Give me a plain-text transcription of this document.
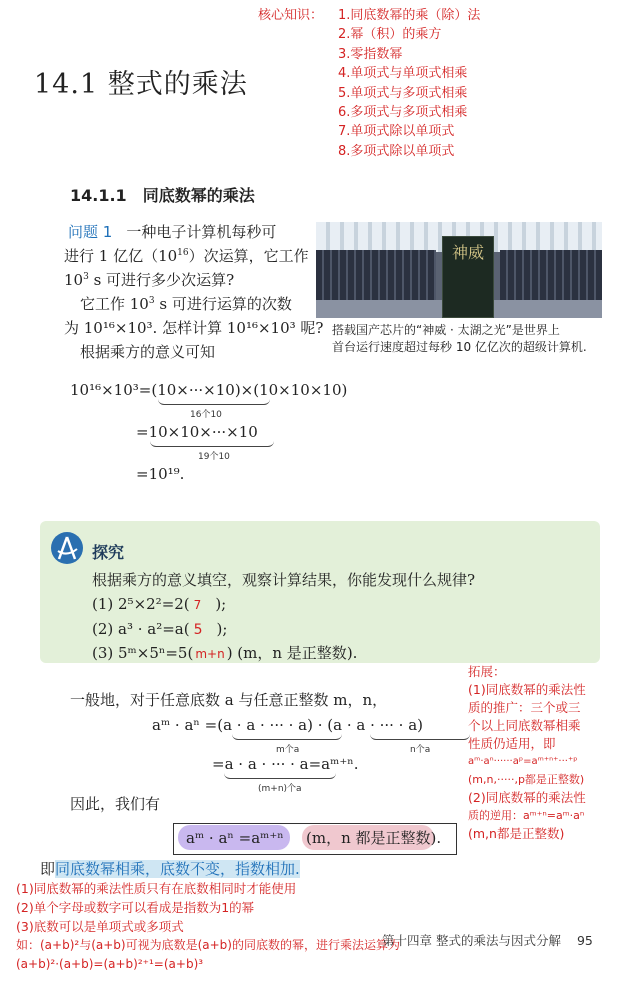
核心知识： 1.同底数幂的乘（除）法
2.幂（积）的乘方
3.零指数幂
4.单项式与单项式相乘
5.单项式与多项式相乘
6.多项式与多项式相乘
7.单项式除以单项式
8.多项式除以单项式
14.1 整式的乘法
14.1.1 同底数幂的乘法
问题 1 一种电子计算机每秒可
进行 1 亿亿$(10^{16})$次运算，它工作
$10^3$ s 可进行多少次运算?
它工作 $10^3$ s 可进行运算的次数
为 10¹⁶×10³. 怎样计算 10¹⁶×10³ 呢?
根据乘方的意义可知
神威
搭载国产芯片的“神威 · 太湖之光”是世界上
首台运行速度超过每秒 10 亿亿次的超级计算机.
10¹⁶×10³=(10×···×10)×(10×10×10)
16个10
=10×10×···×10
19个10
=10¹⁹.
探究
根据乘方的意义填空，观察计算结果，你能发现什么规律?
(1) 2⁵×2²=2( 7 );
(2) a³ · a²=a( 5 );
(3) 5ᵐ×5ⁿ=5( m+n ) (m，n 是正整数).
一般地，对于任意底数 a 与任意正整数 m，n，
aᵐ · aⁿ =(a · a · ··· · a) · (a · a · ··· · a)
m个a	n个a
=a · a · ··· · a=aᵐ⁺ⁿ.
(m+n)个a
因此，我们有
aᵐ · aⁿ =aᵐ⁺ⁿ (m，n 都是正整数).
拓展：
(1)同底数幂的乘法性
质的推广：三个或三
个以上同底数幂相乘
性质仍适用，即
aᵐ·aⁿ······aᵖ=aᵐ⁺ⁿ⁺···⁺ᵖ
(m,n,·····,p都是正整数)
(2)同底数幂的乘法性
质的逆用：aᵐ⁺ⁿ=aᵐ·aⁿ
(m,n都是正整数)
即同底数幂相乘，底数不变，指数相加.
(1)同底数幂的乘法性质只有在底数相同时才能使用
(2)单个字母或数字可以看成是指数为1的幂
(3)底数可以是单项式或多项式
如：(a+b)²与(a+b)可视为底数是(a+b)的同底数的幂，进行乘法运算为
(a+b)²·(a+b)=(a+b)²⁺¹=(a+b)³
第十四章 整式的乘法与因式分解 95
